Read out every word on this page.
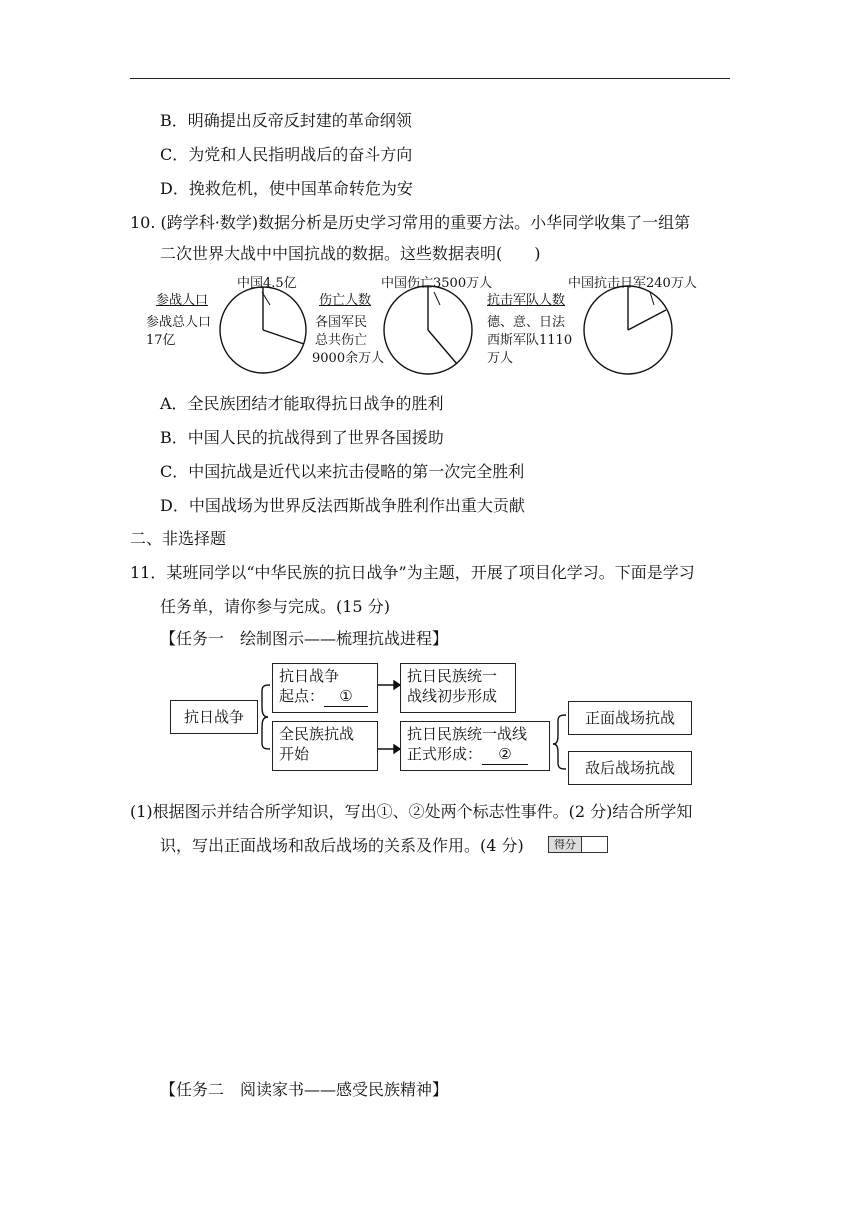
B．明确提出反帝反封建的革命纲领
C．为党和人民指明战后的奋斗方向
D．挽救危机，使中国革命转危为安
10. (跨学科·数学)数据分析是历史学习常用的重要方法。小华同学收集了一组第
二次世界大战中中国抗战的数据。这些数据表明(　　)
参战人口
参战总人口
17亿
中国4.5亿
伤亡人数
各国军民
总共伤亡
9000余万人
中国伤亡3500万人
抗击军队人数
德、意、日法
西斯军队1110
万人
中国抗击日军240万人
A．全民族团结才能取得抗日战争的胜利
B．中国人民的抗战得到了世界各国援助
C．中国抗战是近代以来抗击侵略的第一次完全胜利
D．中国战场为世界反法西斯战争胜利作出重大贡献
二、非选择题
11．某班同学以“中华民族的抗日战争”为主题，开展了项目化学习。下面是学习
任务单，请你参与完成。(15 分)
【任务一　绘制图示——梳理抗战进程】
抗日战争
抗日战争
起点： ①
抗日民族统一
战线初步形成
全民族抗战
开始
抗日民族统一战线
正式形成： ②
正面战场抗战
敌后战场抗战
(1)根据图示并结合所学知识，写出①、②处两个标志性事件。(2 分)结合所学知
识，写出正面战场和敌后战场的关系及作用。(4 分)	得分
【任务二　阅读家书——感受民族精神】
